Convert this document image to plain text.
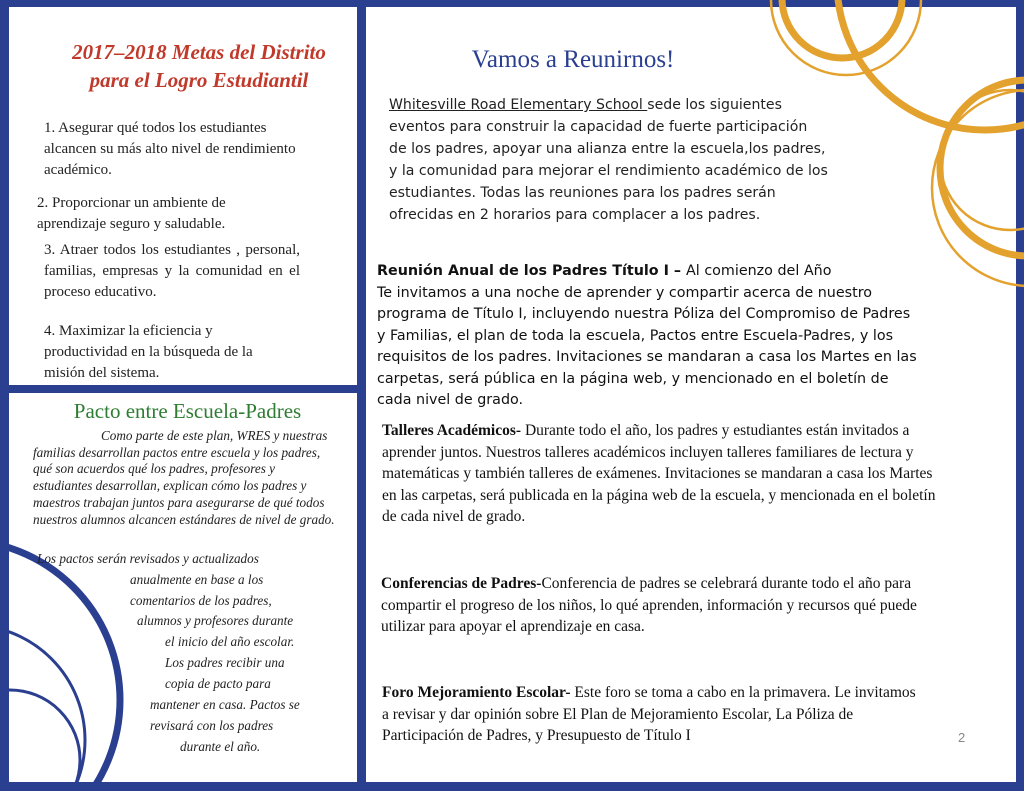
2017–2018 Metas del Distrito
para el Logro Estudiantil

1. Asegurar qué todos los estudiantes alcancen su más alto nivel de rendimiento académico.

2. Proporcionar un ambiente de aprendizaje seguro y saludable.

3. Atraer todos los estudiantes , personal, familias, empresas y la comunidad en el proceso educativo.

4. Maximizar la eficiencia y productividad en la búsqueda de la misión del sistema.

Pacto entre Escuela-Padres

Como parte de este plan, WRES y nuestras familias desarrollan pactos entre escuela y los padres, qué son acuerdos qué los padres, profesores y estudiantes desarrollan, explican cómo los padres y maestros trabajan juntos para asegurarse de qué todos nuestros alumnos alcancen estándares de nivel de grado.

Los pactos serán revisados y actualizados

anualmente en base a los

comentarios de los padres,

alumnos y profesores durante

el inicio del año escolar.

Los padres recibir una

copia de pacto para

mantener en casa. Pactos se

revisará con los padres

durante el año.

Vamos a Reunirnos!

Whitesville Road Elementary School sede los siguientes eventos para construir la capacidad de fuerte participación de los padres, apoyar una alianza entre la escuela,los padres, y la comunidad para mejorar el rendimiento académico de los estudiantes. Todas las reuniones para los padres serán ofrecidas en 2 horarios para complacer a los padres.

Reunión Anual de los Padres Título I – Al comienzo del Año
Te invitamos a una noche de aprender y compartir acerca de nuestro programa de Título I, incluyendo nuestra Póliza del Compromiso de Padres y Familias, el plan de toda la escuela, Pactos entre Escuela-Padres, y los requisitos de los padres. Invitaciones se mandaran a casa los Martes en las carpetas, será pública en la página web, y mencionado en el boletín de cada nivel de grado.

Talleres Académicos- Durante todo el año, los padres y estudiantes están invitados a aprender juntos. Nuestros talleres académicos incluyen talleres familiares de lectura y matemáticas y también talleres de exámenes. Invitaciones se mandaran a casa los Martes en las carpetas, será publicada en la página web de la escuela, y mencionada en el boletín de cada nivel de grado.

Conferencias de Padres-Conferencia de padres se celebrará durante todo el año para compartir el progreso de los niños, lo qué aprenden, información y recursos qué puede utilizar para apoyar el aprendizaje en casa.

Foro Mejoramiento Escolar- Este foro se toma a cabo en la primavera. Le invitamos a revisar y dar opinión sobre El Plan de Mejoramiento Escolar, La Póliza de Participación de Padres, y Presupuesto de Título I	2
